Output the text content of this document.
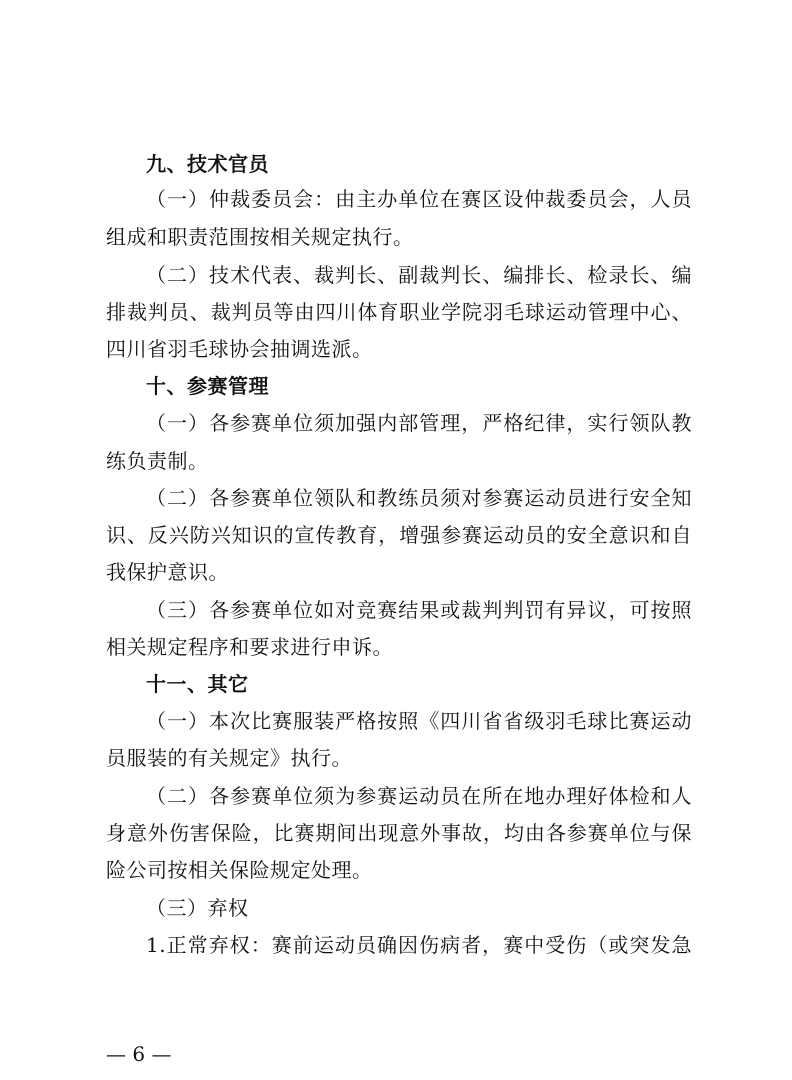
九、技术官员
（一）仲裁委员会：由主办单位在赛区设仲裁委员会，人员
组成和职责范围按相关规定执行。
（二）技术代表、裁判长、副裁判长、编排长、检录长、编
排裁判员、裁判员等由四川体育职业学院羽毛球运动管理中心、
四川省羽毛球协会抽调选派。
十、参赛管理
（一）各参赛单位须加强内部管理，严格纪律，实行领队教
练负责制。
（二）各参赛单位领队和教练员须对参赛运动员进行安全知
识、反兴防兴知识的宣传教育，增强参赛运动员的安全意识和自
我保护意识。
（三）各参赛单位如对竞赛结果或裁判判罚有异议，可按照
相关规定程序和要求进行申诉。
十一、其它
（一）本次比赛服装严格按照《四川省省级羽毛球比赛运动
员服装的有关规定》执行。
（二）各参赛单位须为参赛运动员在所在地办理好体检和人
身意外伤害保险，比赛期间出现意外事故，均由各参赛单位与保
险公司按相关保险规定处理。
（三）弃权
1.正常弃权：赛前运动员确因伤病者，赛中受伤（或突发急
— 6 —
